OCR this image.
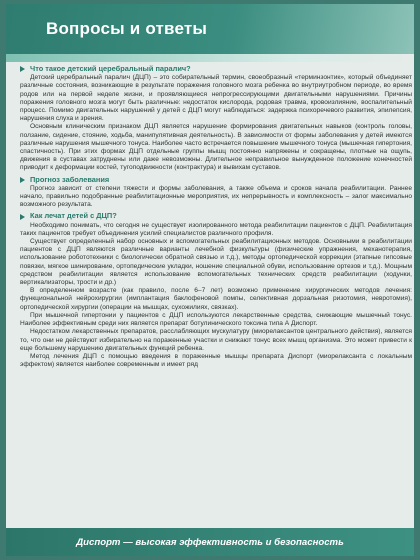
Вопросы и ответы
Что такое детский церебральный паралич?

Детский церебральный паралич (ДЦП) – это собирательный термин, своеобразный «терминзонтик», который объединяет различные состояния, возникающие в результате поражения головного мозга ребенка во внутриутробном периоде, во время родов или на первой неделе жизни, и проявляющиеся непрогрессирующими двигательными нарушениями. Причины поражения головного мозга могут быть различные: недостаток кислорода, родовая травма, кровоизлияние, воспалительный процесс. Помимо двигательных нарушений у детей с ДЦП могут наблюдаться: задержка психоречевого развития, эпилепсия, нарушения слуха и зрения.

Основным клиническим признаком ДЦП является нарушение формирования двигательных навыков (контроль головы, ползание, сидение, стояние, ходьба, манипулятивная деятельность). В зависимости от формы заболевания у детей имеются различные нарушения мышечного тонуса. Наиболее часто встречается повышение мышечного тонуса (мышечная гипертония, спастичность). При этих формах ДЦП отдельные группы мышц постоянно напряжены и сокращены, плотные на ощупь, движения в суставах затруднены или даже невозможны. Длительное неправильное вынужденное положение конечностей приводит к деформации костей, тугоподвижности (контрактура) и вывихам суставов.

Прогноз заболевания

Прогноз зависит от степени тяжести и формы заболевания, а также объема и сроков начала реабилитации. Раннее начало, правильно подобранные реабилитационные мероприятия, их непрерывность и комплексность – залог максимально возможного результата.

Как лечат детей с ДЦП?

Необходимо понимать, что сегодня не существует изолированного метода реабилитации пациентов с ДЦП. Реабилитация таких пациентов требует объединения усилий специалистов различного профиля.

Существует определенный набор основных и вспомогательных реабилитационных методов. Основными в реабилитации пациентов с ДЦП являются различные варианты лечебной физкультуры (физические упражнения, механотерапия, использование робототехники с биологически обратной связью и т.д.), методы ортопедической коррекции (этапные гипсовые повязки, мягкое шинирование, ортопедические укладки, ношение специальной обуви, использование ортезов и т.д.). Мощным средством реабилитации является использование вспомогательных технических средств реабилитации (ходунки, вертикализаторы, трости и др.)

В определенном возрасте (как правило, после 6–7 лет) возможно применение хирургических методов лечения: функциональной нейрохирургии (имплантация баклофеновой помпы, селективная дорзальная ризотомия, невротомия), ортопедической хирургии (операции на мышцах, сухожилиях, связках).

При мышечной гипертонии у пациентов с ДЦП используются лекарственные средства, снижающие мышечный тонус. Наиболее эффективным среди них является препарат ботулинического токсина типа А Диспорт.

Недостатком лекарственных препаратов, расслабляющих мускулатуру (миорелаксантов центрального действия), является то, что они не действуют избирательно на пораженные участки и снижают тонус всех мышц организма. Это может привести к еще большему нарушению двигательных функций ребенка.

Метод лечения ДЦП с помощью введения в пораженные мышцы препарата Диспорт (миорелаксанта с локальным эффектом) является наиболее современным и имеет ряд

Диспорт — высокая эффективность и безопасность
